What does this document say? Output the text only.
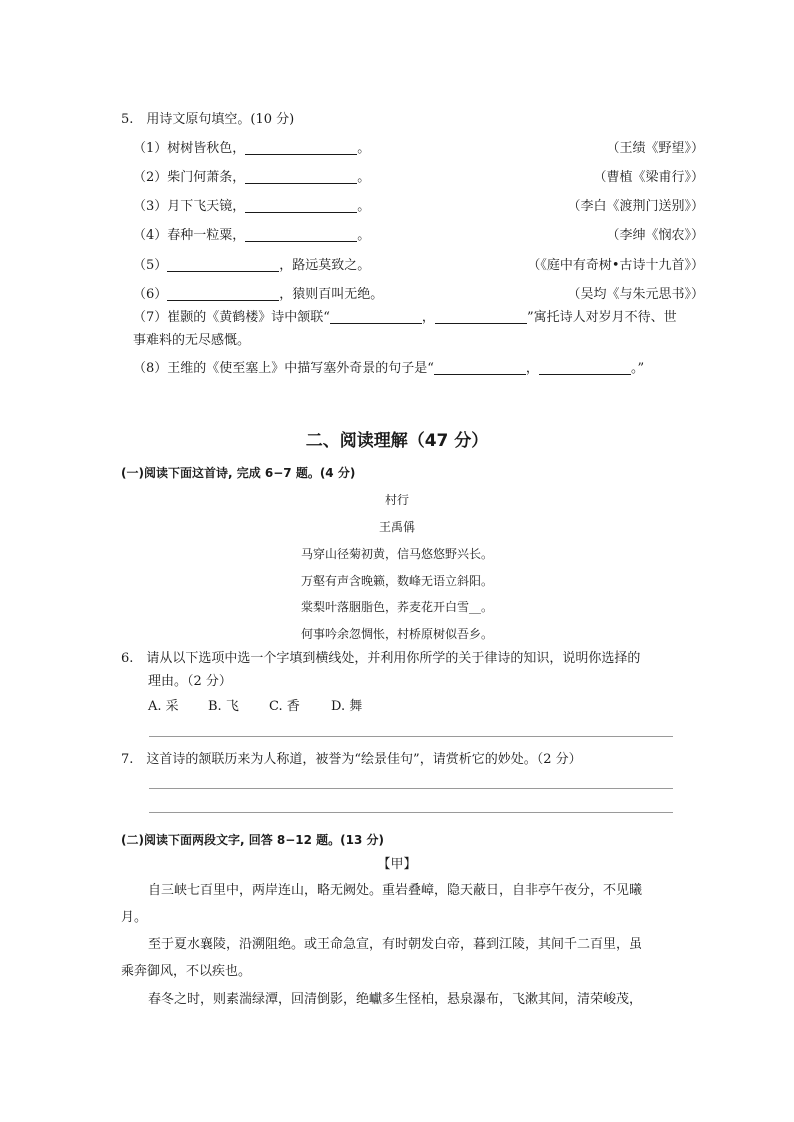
5.　用诗文原句填空。(10 分)
（1）树树皆秋色，	。	（王绩《野望》）
（2）柴门何萧条，	。	（曹植《梁甫行》）
（3）月下飞天镜，	。	（李白《渡荆门送别》）
（4）春种一粒粟，	。	（李绅《悯农》）
（5）	，路远莫致之。	（《庭中有奇树•古诗十九首》）
（6）	，猿则百叫无绝。	（吴均《与朱元思书》）
（7）崔颢的《黄鹤楼》诗中颔联“	，	”寓托诗人对岁月不待、世
事难料的无尽感慨。
（8）王维的《使至塞上》中描写塞外奇景的句子是“	，	。”
二、阅读理解（47 分）
(一)阅读下面这首诗, 完成 6−7 题。(4 分)
村行
王禹偁
马穿山径菊初黄，信马悠悠野兴长。
万壑有声含晚籁，数峰无语立斜阳。
棠梨叶落胭脂色，荞麦花开白雪__。
何事吟余忽惆怅，村桥原树似吾乡。
6.　请从以下选项中选一个字填到横线处，并利用你所学的关于律诗的知识，说明你选择的
理由。（2 分）
A. 采 B. 飞 C. 香 D. 舞
7.　这首诗的颔联历来为人称道，被誉为“绘景佳句”，请赏析它的妙处。（2 分）
(二)阅读下面两段文字, 回答 8−12 题。(13 分)
【甲】
自三峡七百里中，两岸连山，略无阙处。重岩叠嶂，隐天蔽日，自非亭午夜分，不见曦
月。
至于夏水襄陵，沿溯阻绝。或王命急宣，有时朝发白帝，暮到江陵，其间千二百里，虽
乘奔御风，不以疾也。
春冬之时，则素湍绿潭，回清倒影，绝巘多生怪柏，悬泉瀑布，飞漱其间，清荣峻茂，
